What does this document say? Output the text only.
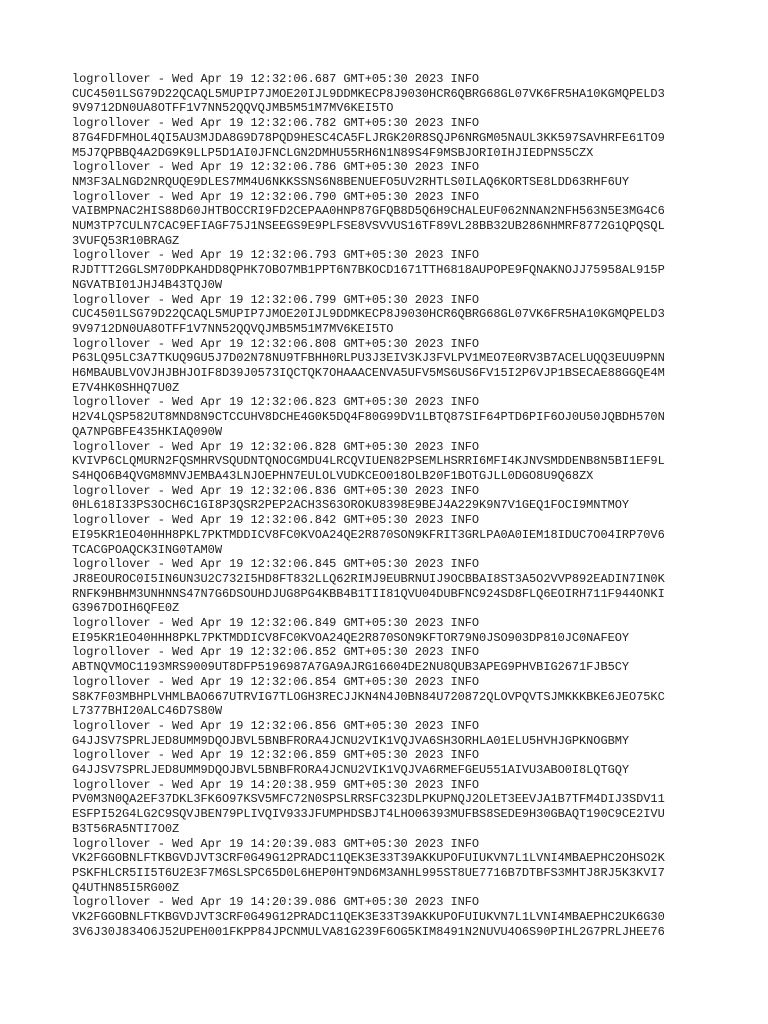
logrollover - Wed Apr 19 12:32:06.687 GMT+05:30 2023 INFO
CUC4501LSG79D22QCAQL5MUPIP7JMOE20IJL9DDMKECP8J9030HCR6QBRG68GL07VK6FR5HA10KGMQPELD3
9V9712DN0UA8OTFF1V7NN52QQVQJMB5M51M7MV6KEI5TO
logrollover - Wed Apr 19 12:32:06.782 GMT+05:30 2023 INFO
87G4FDFMHOL4QI5AU3MJDA8G9D78PQD9HESC4CA5FLJRGK20R8SQJP6NRGM05NAUL3KK597SAVHRFE61TO9
M5J7QPBBQ4A2DG9K9LLP5D1AI0JFNCLGN2DMHU55RH6N1N89S4F9MSBJORI0IHJIEDPNS5CZX
logrollover - Wed Apr 19 12:32:06.786 GMT+05:30 2023 INFO
NM3F3ALNGD2NRQUQE9DLES7MM4U6NKKSSNS6N8BENUEFO5UV2RHTLS0ILAQ6KORTSE8LDD63RHF6UY
logrollover - Wed Apr 19 12:32:06.790 GMT+05:30 2023 INFO
VAIBMPNAC2HIS88D60JHTBOCCRI9FD2CEPAA0HNP87GFQB8D5Q6H9CHALEUF062NNAN2NFH563N5E3MG4C6
NUM3TP7CULN7CAC9EFIAGF75J1NSEEGS9E9PLFSE8VSVVUS16TF89VL28BB32UB286NHMRF8772G1QPQSQL
3VUFQ53R10BRAGZ
logrollover - Wed Apr 19 12:32:06.793 GMT+05:30 2023 INFO
RJDTTT2GGLSM70DPKAHDD8QPHK7OBO7MB1PPT6N7BKOCD1671TTH6818AUPOPE9FQNAKNOJJ75958AL915P
NGVATBI01JHJ4B43TQJ0W
logrollover - Wed Apr 19 12:32:06.799 GMT+05:30 2023 INFO
CUC4501LSG79D22QCAQL5MUPIP7JMOE20IJL9DDMKECP8J9030HCR6QBRG68GL07VK6FR5HA10KGMQPELD3
9V9712DN0UA8OTFF1V7NN52QQVQJMB5M51M7MV6KEI5TO
logrollover - Wed Apr 19 12:32:06.808 GMT+05:30 2023 INFO
P63LQ95LC3A7TKUQ9GU5J7D02N78NU9TFBHH0RLPU3J3EIV3KJ3FVLPV1MEO7E0RV3B7ACELUQQ3EUU9PNN
H6MBAUBLVOVJHJBHJOIF8D39J0573IQCTQK7OHAAACENVA5UFV5MS6US6FV15I2P6VJP1BSECAE88GGQE4M
E7V4HK0SHHQ7U0Z
logrollover - Wed Apr 19 12:32:06.823 GMT+05:30 2023 INFO
H2V4LQSP582UT8MND8N9CTCCUHV8DCHE4G0K5DQ4F80G99DV1LBTQ87SIF64PTD6PIF6OJ0U50JQBDH570N
QA7NPGBFE435HKIAQ090W
logrollover - Wed Apr 19 12:32:06.828 GMT+05:30 2023 INFO
KVIVP6CLQMURN2FQSMHRVSQUDNTQNOCGMDU4LRCQVIUEN82PSEMLHSRRI6MFI4KJNVSMDDENB8N5BI1EF9L
S4HQO6B4QVGM8MNVJEMBA43LNJOEPHN7EULOLVUDKCEO018OLB20F1BOTGJLL0DGO8U9Q68ZX
logrollover - Wed Apr 19 12:32:06.836 GMT+05:30 2023 INFO
0HL618I33PS3OCH6C1GI8P3QSR2PEP2ACH3S63OROKU8398E9BEJ4A229K9N7V1GEQ1FOCI9MNTMOY
logrollover - Wed Apr 19 12:32:06.842 GMT+05:30 2023 INFO
EI95KR1EO40HHH8PKL7PKTMDDICV8FC0KVOA24QE2R870SON9KFRIT3GRLPA0A0IEM18IDUC7O04IRP70V6
TCACGPOAQCK3ING0TAM0W
logrollover - Wed Apr 19 12:32:06.845 GMT+05:30 2023 INFO
JR8EOUROC0I5IN6UN3U2C732I5HD8FT832LLQ62RIMJ9EUBRNUIJ9OCBBAI8ST3A5O2VVP892EADIN7IN0K
RNFK9HBHM3UNHNNS47N7G6DSOUHDJUG8PG4KBB4B1TII81QVU04DUBFNC924SD8FLQ6EOIRH711F944ONKI
G3967DOIH6QFE0Z
logrollover - Wed Apr 19 12:32:06.849 GMT+05:30 2023 INFO
EI95KR1EO40HHH8PKL7PKTMDDICV8FC0KVOA24QE2R870SON9KFTOR79N0JSO903DP810JC0NAFEOY
logrollover - Wed Apr 19 12:32:06.852 GMT+05:30 2023 INFO
ABTNQVMOC1193MRS9009UT8DFP5196987A7GA9AJRG16604DE2NU8QUB3APEG9PHVBIG2671FJB5CY
logrollover - Wed Apr 19 12:32:06.854 GMT+05:30 2023 INFO
S8K7F03MBHPLVHMLBAO667UTRVIG7TLOGH3RECJJKN4N4J0BN84U720872QLOVPQVTSJMKKKBKE6JEO75KC
L7377BHI20ALC46D7S80W
logrollover - Wed Apr 19 12:32:06.856 GMT+05:30 2023 INFO
G4JJSV7SPRLJED8UMM9DQOJBVL5BNBFRORA4JCNU2VIK1VQJVA6SH3ORHLA01ELU5HVHJGPKNOGBMY
logrollover - Wed Apr 19 12:32:06.859 GMT+05:30 2023 INFO
G4JJSV7SPRLJED8UMM9DQOJBVL5BNBFRORA4JCNU2VIK1VQJVA6RMEFGEU551AIVU3ABO0I8LQTGQY
logrollover - Wed Apr 19 14:20:38.959 GMT+05:30 2023 INFO
PV0M3N0QA2EF37DKL3FK6O97KSV5MFC72N0SPSLRRSFC323DLPKUPNQJ2OLET3EEVJA1B7TFM4DIJ3SDV11
ESFPI52G4LG2C9SQVJBEN79PLIVQIV933JFUMPHDSBJT4LHO06393MUFBS8SEDE9H30GBAQT190C9CE2IVU
B3T56RA5NTI7O0Z
logrollover - Wed Apr 19 14:20:39.083 GMT+05:30 2023 INFO
VK2FGGOBNLFTKBGVDJVT3CRF0G49G12PRADC11QEK3E33T39AKKUPOFUIUKVN7L1LVNI4MBAEPHC2OHSO2K
PSKFHLCR5II5T6U2E3F7M6SLSPC65D0L6HEP0HT9ND6M3ANHL995ST8UE7716B7DTBFS3MHTJ8RJ5K3KVI7
Q4UTHN85I5RG00Z
logrollover - Wed Apr 19 14:20:39.086 GMT+05:30 2023 INFO
VK2FGGOBNLFTKBGVDJVT3CRF0G49G12PRADC11QEK3E33T39AKKUPOFUIUKVN7L1LVNI4MBAEPHC2UK6G30
3V6J30J834O6J52UPEH001FKPP84JPCNMULVA81G239F6OG5KIM8491N2NUVU4O6S90PIHL2G7PRLJHEE76
